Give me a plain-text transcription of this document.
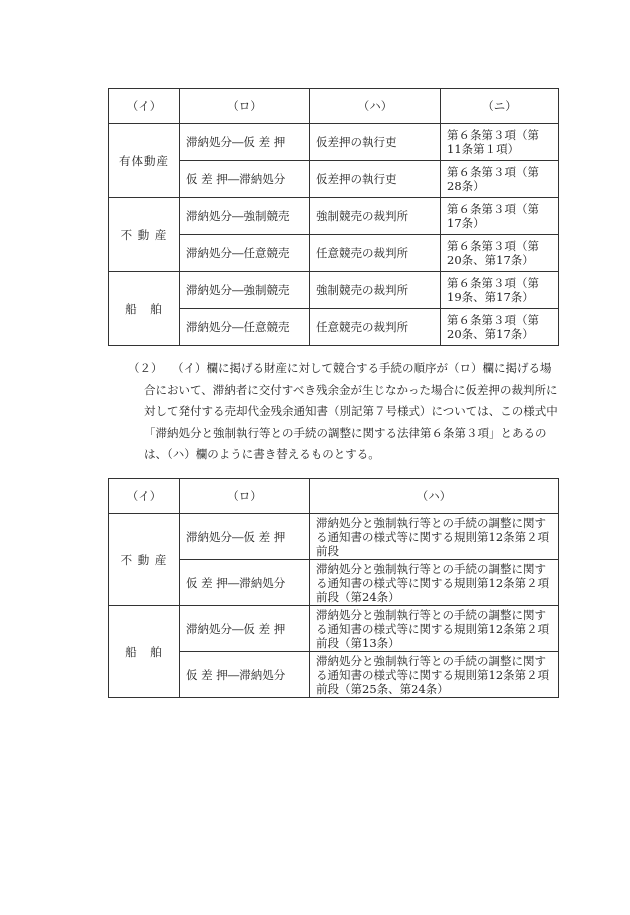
（イ）	（ロ）	（ハ）	（ニ）
有体動産	滞納処分―仮 差 押	仮差押の執行吏	第６条第３項（第11条第１項）
	仮 差 押―滞納処分	仮差押の執行吏	第６条第３項（第28条）
不 動 産	滞納処分―強制競売	強制競売の裁判所	第６条第３項（第17条）
	滞納処分―任意競売	任意競売の裁判所	第６条第３項（第20条、第17条）
船　舶	滞納処分―強制競売	強制競売の裁判所	第６条第３項（第19条、第17条）
	滞納処分―任意競売	任意競売の裁判所	第６条第３項（第20条、第17条）

（２） （イ）欄に掲げる財産に対して競合する手続の順序が（ロ）欄に掲げる場合において、滞納者に交付すべき残余金が生じなかった場合に仮差押の裁判所に対して発付する売却代金残余通知書（別記第７号様式）については、この様式中「滞納処分と強制執行等との手続の調整に関する法律第６条第３項」とあるのは、（ハ）欄のように書き替えるものとする。

（イ）	（ロ）	（ハ）
不 動 産	滞納処分―仮 差 押	滞納処分と強制執行等との手続の調整に関する通知書の様式等に関する規則第12条第２項前段
	仮 差 押―滞納処分	滞納処分と強制執行等との手続の調整に関する通知書の様式等に関する規則第12条第２項前段（第24条）
船　舶	滞納処分―仮 差 押	滞納処分と強制執行等との手続の調整に関する通知書の様式等に関する規則第12条第２項前段（第13条）
	仮 差 押―滞納処分	滞納処分と強制執行等との手続の調整に関する通知書の様式等に関する規則第12条第２項前段（第25条、第24条）
